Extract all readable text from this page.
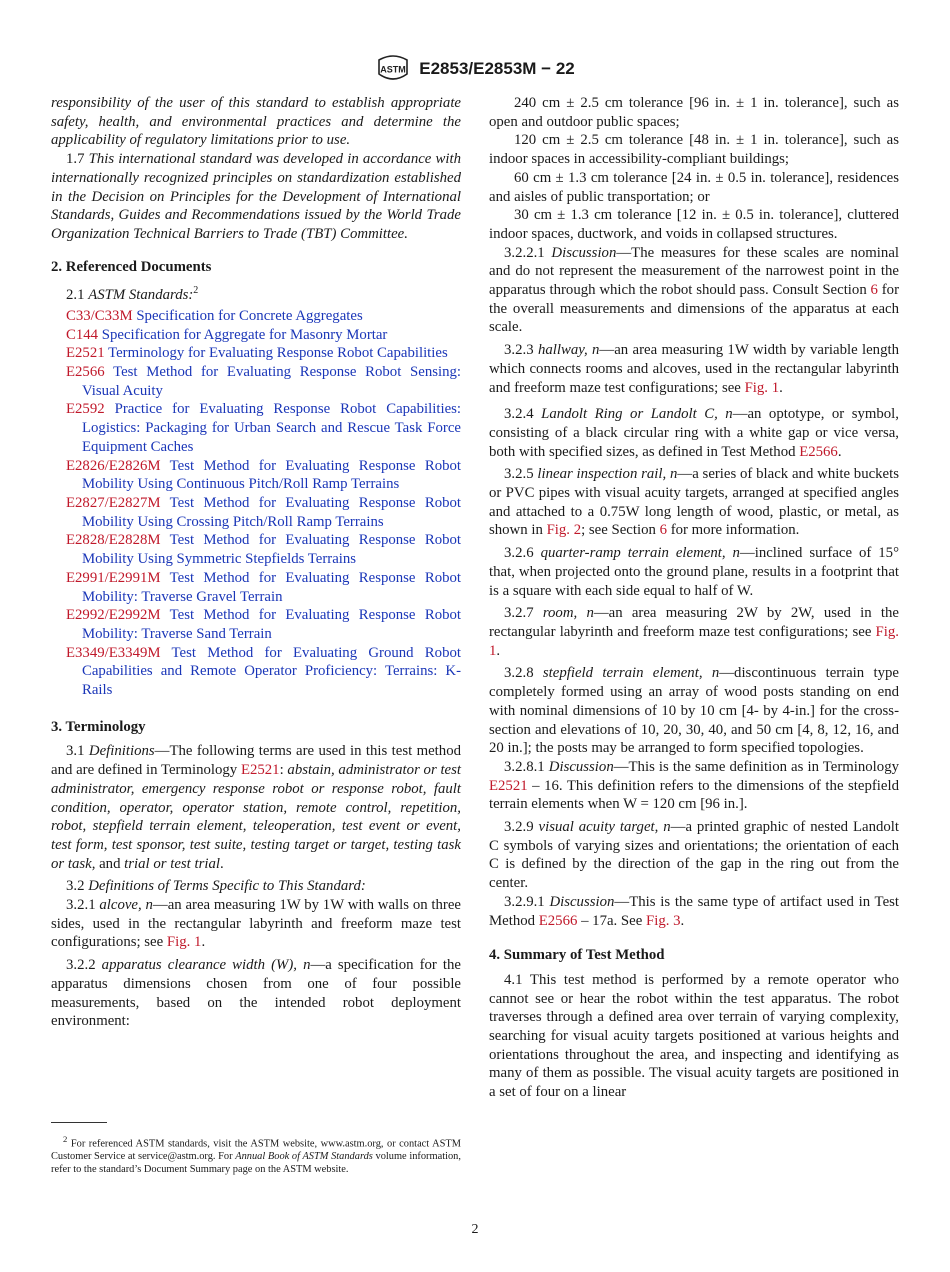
ASTM E2853/E2853M − 22

responsibility of the user of this standard to establish appropriate safety, health, and environmental practices and determine the applicability of regulatory limitations prior to use.

1.7 This international standard was developed in accordance with internationally recognized principles on standardization established in the Decision on Principles for the Development of International Standards, Guides and Recommendations issued by the World Trade Organization Technical Barriers to Trade (TBT) Committee.

2. Referenced Documents

2.1 ASTM Standards:$^2$

C33/C33M Specification for Concrete Aggregates

C144 Specification for Aggregate for Masonry Mortar

E2521 Terminology for Evaluating Response Robot Capabilities

E2566 Test Method for Evaluating Response Robot Sensing: Visual Acuity

E2592 Practice for Evaluating Response Robot Capabilities: Logistics: Packaging for Urban Search and Rescue Task Force Equipment Caches

E2826/E2826M Test Method for Evaluating Response Robot Mobility Using Continuous Pitch/Roll Ramp Terrains

E2827/E2827M Test Method for Evaluating Response Robot Mobility Using Crossing Pitch/Roll Ramp Terrains

E2828/E2828M Test Method for Evaluating Response Robot Mobility Using Symmetric Stepfields Terrains

E2991/E2991M Test Method for Evaluating Response Robot Mobility: Traverse Gravel Terrain

E2992/E2992M Test Method for Evaluating Response Robot Mobility: Traverse Sand Terrain

E3349/E3349M Test Method for Evaluating Ground Robot Capabilities and Remote Operator Proficiency: Terrains: K-Rails

3. Terminology

3.1 Definitions—The following terms are used in this test method and are defined in Terminology E2521: abstain, administrator or test administrator, emergency response robot or response robot, fault condition, operator, operator station, remote control, repetition, robot, stepfield terrain element, teleoperation, test event or event, test form, test sponsor, test suite, testing target or target, testing task or task, and trial or test trial.

3.2 Definitions of Terms Specific to This Standard:

3.2.1 alcove, n—an area measuring 1W by 1W with walls on three sides, used in the rectangular labyrinth and freeform maze test configurations; see Fig. 1.

3.2.2 apparatus clearance width (W), n—a specification for the apparatus dimensions chosen from one of four possible measurements, based on the intended robot deployment environment:

$^2$ For referenced ASTM standards, visit the ASTM website, www.astm.org, or contact ASTM Customer Service at service@astm.org. For Annual Book of ASTM Standards volume information, refer to the standard’s Document Summary page on the ASTM website.

240 cm ± 2.5 cm tolerance [96 in. ± 1 in. tolerance], such as open and outdoor public spaces;

120 cm ± 2.5 cm tolerance [48 in. ± 1 in. tolerance], such as indoor spaces in accessibility-compliant buildings;

60 cm ± 1.3 cm tolerance [24 in. ± 0.5 in. tolerance], residences and aisles of public transportation; or

30 cm ± 1.3 cm tolerance [12 in. ± 0.5 in. tolerance], cluttered indoor spaces, ductwork, and voids in collapsed structures.

3.2.2.1 Discussion—The measures for these scales are nominal and do not represent the measurement of the narrowest point in the apparatus through which the robot should pass. Consult Section 6 for the overall measurements and dimensions of the apparatus at each scale.

3.2.3 hallway, n—an area measuring 1W width by variable length which connects rooms and alcoves, used in the rectangular labyrinth and freeform maze test configurations; see Fig. 1.

3.2.4 Landolt Ring or Landolt C, n—an optotype, or symbol, consisting of a black circular ring with a white gap or vice versa, both with specified sizes, as defined in Test Method E2566.

3.2.5 linear inspection rail, n—a series of black and white buckets or PVC pipes with visual acuity targets, arranged at specified angles and attached to a 0.75W long length of wood, plastic, or metal, as shown in Fig. 2; see Section 6 for more information.

3.2.6 quarter-ramp terrain element, n—inclined surface of 15° that, when projected onto the ground plane, results in a footprint that is a square with each side equal to half of W.

3.2.7 room, n—an area measuring 2W by 2W, used in the rectangular labyrinth and freeform maze test configurations; see Fig. 1.

3.2.8 stepfield terrain element, n—discontinuous terrain type completely formed using an array of wood posts standing on end with nominal dimensions of 10 by 10 cm [4- by 4-in.] for the cross-section and elevations of 10, 20, 30, 40, and 50 cm [4, 8, 12, 16, and 20 in.]; the posts may be arranged to form specified topologies.

3.2.8.1 Discussion—This is the same definition as in Terminology E2521 – 16. This definition refers to the dimensions of the stepfield terrain elements when W = 120 cm [96 in.].

3.2.9 visual acuity target, n—a printed graphic of nested Landolt C symbols of varying sizes and orientations; the orientation of each C is defined by the direction of the gap in the ring out from the center.

3.2.9.1 Discussion—This is the same type of artifact used in Test Method E2566 – 17a. See Fig. 3.

4. Summary of Test Method

4.1 This test method is performed by a remote operator who cannot see or hear the robot within the test apparatus. The robot traverses through a defined area over terrain of varying complexity, searching for visual acuity targets positioned at various heights and orientations throughout the area, and inspecting and identifying as many of them as possible. The visual acuity targets are positioned in a set of four on a linear

2
